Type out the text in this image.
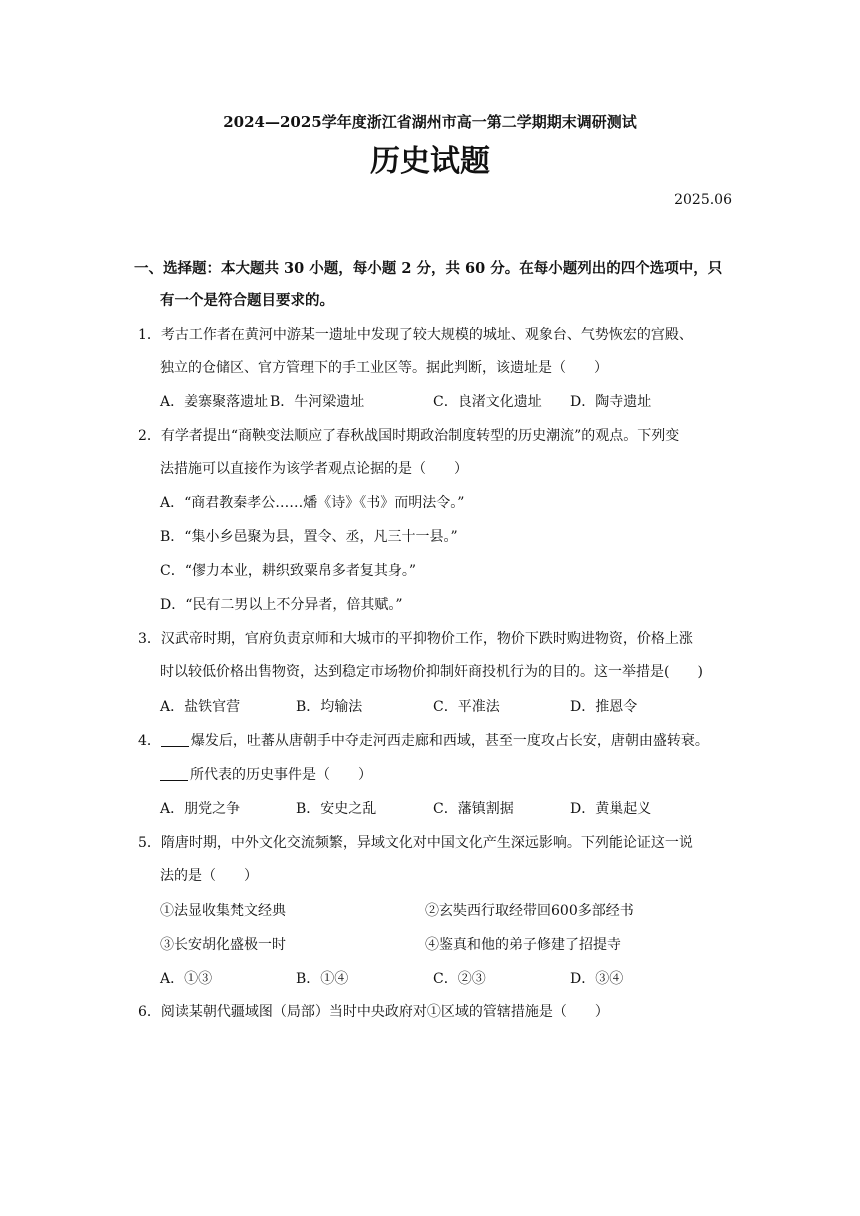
2024—2025学年度浙江省湖州市高一第二学期期末调研测试
历史试题
2025.06
一、选择题：本大题共 30 小题，每小题 2 分，共 60 分。在每小题列出的四个选项中，只
有一个是符合题目要求的。
1．考古工作者在黄河中游某一遗址中发现了较大规模的城址、观象台、气势恢宏的宫殿、
独立的仓储区、官方管理下的手工业区等。据此判断，该遗址是（　　）
A．姜寨聚落遗址 B．牛河梁遗址	C．良渚文化遗址 D．陶寺遗址
2．有学者提出“商鞅变法顺应了春秋战国时期政治制度转型的历史潮流”的观点。下列变
法措施可以直接作为该学者观点论据的是（　　）
A．“商君教秦孝公……燔《诗》《书》而明法令。”
B．“集小乡邑聚为县，置令、丞，凡三十一县。”
C．“僇力本业，耕织致粟帛多者复其身。”
D．“民有二男以上不分异者，倍其赋。”
3．汉武帝时期，官府负责京师和大城市的平抑物价工作，物价下跌时购进物资，价格上涨
时以较低价格出售物资，达到稳定市场物价抑制奸商投机行为的目的。这一举措是(　　)
A．盐铁官营	B．均输法	C．平准法	D．推恩令
4． 爆发后，吐蕃从唐朝手中夺走河西走廊和西域，甚至一度攻占长安，唐朝由盛转衰。
所代表的历史事件是（　　）
A．朋党之争	B．安史之乱	C．藩镇割据	D．黄巢起义
5．隋唐时期，中外文化交流频繁，异域文化对中国文化产生深远影响。下列能论证这一说
法的是（　　）
①法显收集梵文经典	②玄奘西行取经带回600多部经书
③长安胡化盛极一时	④鉴真和他的弟子修建了招提寺
A．①③	B．①④	C．②③	D．③④
6．阅读某朝代疆域图（局部）当时中央政府对①区域的管辖措施是（　　）
